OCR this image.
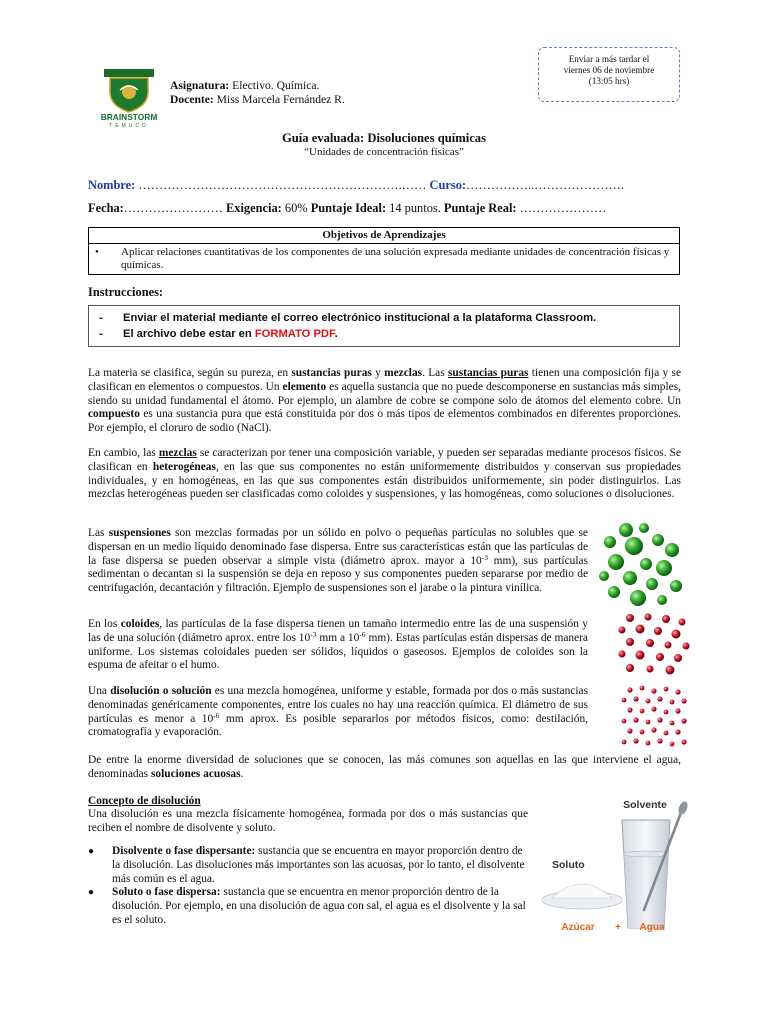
BRAINSTORM
TEMUCO
Asignatura: Electivo. Química.
Docente: Miss Marcela Fernández R.
Enviar a más tardar el
viernes 06 de noviembre
(13:05 hrs)
Guía evaluada: Disoluciones químicas
“Unidades de concentración físicas”
Nombre: ……………………………………………………….…… Curso:……………..………………….
Fecha:…………………… Exigencia: 60% Puntaje Ideal: 14 puntos. Puntaje Real: …………………
Objetivos de Aprendizajes
•	Aplicar relaciones cuantitativas de los componentes de una solución expresada mediante unidades de concentración físicas y químicas.
Instrucciones:
-	Enviar el material mediante el correo electrónico institucional a la plataforma Classroom.
-	El archivo debe estar en FORMATO PDF.
La materia se clasifica, según su pureza, en sustancias puras y mezclas. Las sustancias puras tienen una composición fija y se clasifican en elementos o compuestos. Un elemento es aquella sustancia que no puede descomponerse en sustancias más simples, siendo su unidad fundamental el átomo. Por ejemplo, un alambre de cobre se compone solo de átomos del elemento cobre. Un compuesto es una sustancia pura que está constituida por dos o más tipos de elementos combinados en diferentes proporciones. Por ejemplo, el cloruro de sodio (NaCl).
En cambio, las mezclas se caracterizan por tener una composición variable, y pueden ser separadas mediante procesos físicos. Se clasifican en heterogéneas, en las que sus componentes no están uniformemente distribuidos y conservan sus propiedades individuales, y en homogéneas, en las que sus componentes están distribuidos uniformemente, sin poder distinguirlos. Las mezclas heterogéneas pueden ser clasificadas como coloides y suspensiones, y las homogéneas, como soluciones o disoluciones.
Las suspensiones son mezclas formadas por un sólido en polvo o pequeñas partículas no solubles que se dispersan en un medio líquido denominado fase dispersa. Entre sus características están que las partículas de la fase dispersa se pueden observar a simple vista (diámetro aprox. mayor a $10^{-3}$ mm), sus partículas sedimentan o decantan si la suspensión se deja en reposo y sus componentes pueden separarse por medio de centrifugación, decantación y filtración. Ejemplo de suspensiones son el jarabe o la pintura vinílica.
En los coloides, las partículas de la fase dispersa tienen un tamaño intermedio entre las de una suspensión y las de una solución (diámetro aprox. entre los $10^{-3}$ mm a $10^{-6}$ mm). Estas partículas están dispersas de manera uniforme. Los sistemas coloidales pueden ser sólidos, líquidos o gaseosos. Ejemplos de coloides son la espuma de afeitar o el humo.
Una disolución o solución es una mezcla homogénea, uniforme y estable, formada por dos o más sustancias denominadas genéricamente componentes, entre los cuales no hay una reacción química. El diámetro de sus partículas es menor a $10^{-6}$ mm aprox. Es posible separarlos por métodos físicos, como: destilación, cromatografía y evaporación.
De entre la enorme diversidad de soluciones que se conocen, las más comunes son aquellas en las que interviene el agua, denominadas soluciones acuosas.
Concepto de disolución
Una disolución es una mezcla físicamente homogénea, formada por dos o más sustancias que reciben el nombre de disolvente y soluto.
●	Disolvente o fase dispersante: sustancia que se encuentra en mayor proporción dentro de la disolución. Las disoluciones más importantes son las acuosas, por lo tanto, el disolvente más común es el agua.
●	Soluto o fase dispersa: sustancia que se encuentra en menor proporción dentro de la disolución. Por ejemplo, en una disolución de agua con sal, el agua es el disolvente y la sal es el soluto.
Solvente
Soluto
Azúcar + Agua
